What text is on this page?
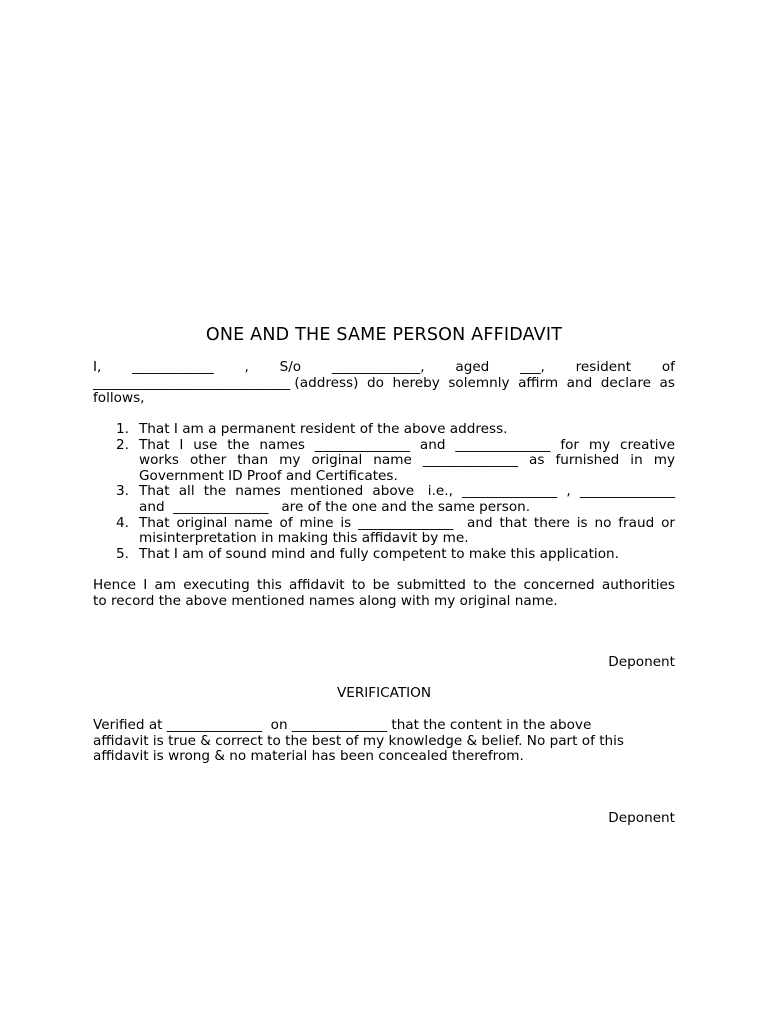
ONE AND THE SAME PERSON AFFIDAVIT
I, ____________ , S/o _____________, aged ___, resident of
_____________________________ (address) do hereby solemnly affirm and declare as
follows,
1. That I am a permanent resident of the above address.
2. That  I  use  the  names  ______________  and  ______________  for  my  creative
works  other  than  my  original  name  ______________  as  furnished  in  my
Government ID Proof and Certificates.
3. That  all  the  names  mentioned  above   i.e.,  ______________  ,  ______________
and  ______________   are of the one and the same person.
4. That original name of mine is ______________  and that there is no fraud or
misinterpretation in making this affidavit by me.
5. That I am of sound mind and fully competent to make this application.
Hence I am executing this affidavit to be submitted to the concerned authorities
to record the above mentioned names along with my original name.
Deponent
VERIFICATION
Verified at ______________  on ______________ that the content in the above
affidavit is true & correct to the best of my knowledge & belief. No part of this
affidavit is wrong & no material has been concealed therefrom.
Deponent
